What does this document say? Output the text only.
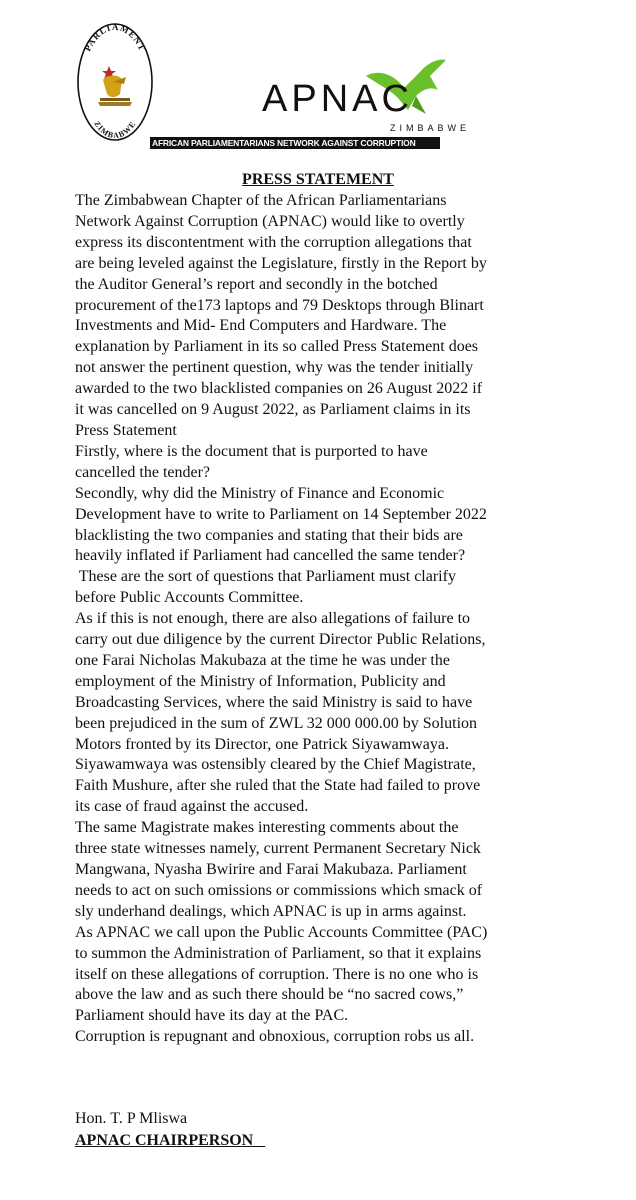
PARLIAMENT
ZIMBABWE
APNAC
ZIMBABWE
AFRICAN PARLIAMENTARIANS NETWORK AGAINST CORRUPTION
PRESS STATEMENT

The Zimbabwean Chapter of the African Parliamentarians

Network Against Corruption (APNAC) would like to overtly

express its discontentment with the corruption allegations that

are being leveled against the Legislature, firstly in the Report by

the Auditor General’s report and secondly in the botched

procurement of the173 laptops and 79 Desktops through Blinart

Investments and Mid- End Computers and Hardware. The

explanation by Parliament in its so called Press Statement does

not answer the pertinent question, why was the tender initially

awarded to the two blacklisted companies on 26 August 2022 if

it was cancelled on 9 August 2022, as Parliament claims in its

Press Statement

Firstly, where is the document that is purported to have

cancelled the tender?

Secondly, why did the Ministry of Finance and Economic

Development have to write to Parliament on 14 September 2022

blacklisting the two companies and stating that their bids are

heavily inflated if Parliament had cancelled the same tender?

These are the sort of questions that Parliament must clarify

before Public Accounts Committee.

As if this is not enough, there are also allegations of failure to

carry out due diligence by the current Director Public Relations,

one Farai Nicholas Makubaza at the time he was under the

employment of the Ministry of Information, Publicity and

Broadcasting Services, where the said Ministry is said to have

been prejudiced in the sum of ZWL 32 000 000.00 by Solution

Motors fronted by its Director, one Patrick Siyawamwaya.

Siyawamwaya was ostensibly cleared by the Chief Magistrate,

Faith Mushure, after she ruled that the State had failed to prove

its case of fraud against the accused.

The same Magistrate makes interesting comments about the

three state witnesses namely, current Permanent Secretary Nick

Mangwana, Nyasha Bwirire and Farai Makubaza. Parliament

needs to act on such omissions or commissions which smack of

sly underhand dealings, which APNAC is up in arms against.

As APNAC we call upon the Public Accounts Committee (PAC)

to summon the Administration of Parliament, so that it explains

itself on these allegations of corruption. There is no one who is

above the law and as such there should be “no sacred cows,”

Parliament should have its day at the PAC.

Corruption is repugnant and obnoxious, corruption robs us all.

Hon. T. P Mliswa

APNAC CHAIRPERSON
